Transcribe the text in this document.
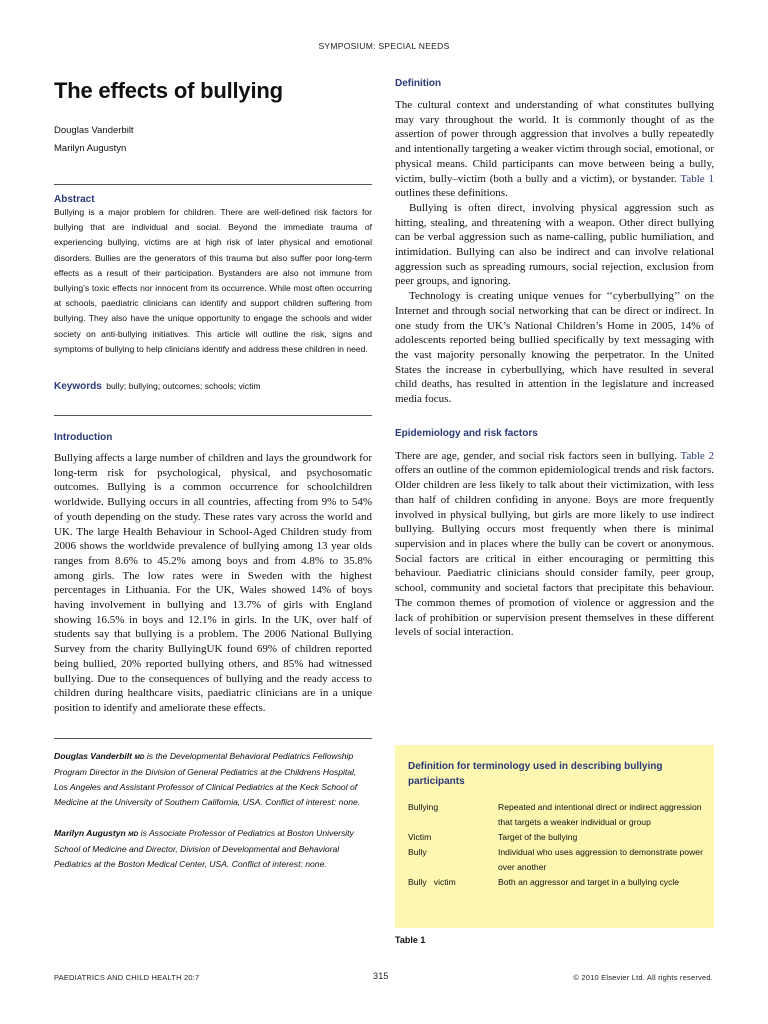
SYMPOSIUM: SPECIAL NEEDS
The effects of bullying
Douglas Vanderbilt
Marilyn Augustyn
Abstract

Bullying is a major problem for children. There are well-defined risk factors for bullying that are individual and social. Beyond the immediate trauma of experiencing bullying, victims are at high risk of later physical and emotional disorders. Bullies are the generators of this trauma but also suffer poor long-term effects as a result of their participation. Bystanders are also not immune from bullying’s toxic effects nor innocent from its occurrence. While most often occurring at schools, paediatric clinicians can identify and support children suffering from bullying. They also have the unique opportunity to engage the schools and wider society on anti-bullying initiatives. This article will outline the risk, signs and symptoms of bullying to help clinicians identify and address these children in need.

Keywords bully; bullying; outcomes; schools; victim
Introduction

Bullying affects a large number of children and lays the groundwork for long-term risk for psychological, physical, and psychosomatic outcomes. Bullying is a common occurrence for schoolchildren worldwide. Bullying occurs in all countries, affecting from 9% to 54% of youth depending on the study. These rates vary across the world and UK. The large Health Behaviour in School-Aged Children study from 2006 shows the worldwide prevalence of bullying among 13 year olds ranges from 8.6% to 45.2% among boys and from 4.8% to 35.8% among girls. The low rates were in Sweden with the highest percentages in Lithuania. For the UK, Wales showed 14% of boys having involvement in bullying and 13.7% of girls with England showing 16.5% in boys and 12.1% in girls. In the UK, over half of students say that bullying is a problem. The 2006 National Bullying Survey from the charity BullyingUK found 69% of children reported being bullied, 20% reported bullying others, and 85% had witnessed bullying. Due to the consequences of bullying and the ready access to children during healthcare visits, paediatric clinicians are in a unique position to identify and ameliorate these effects.

Douglas Vanderbilt MD is the Developmental Behavioral Pediatrics Fellowship Program Director in the Division of General Pediatrics at the Childrens Hospital, Los Angeles and Assistant Professor of Clinical Pediatrics at the Keck School of Medicine at the University of Southern California, USA. Conflict of interest: none.

Marilyn Augustyn MD is Associate Professor of Pediatrics at Boston University School of Medicine and Director, Division of Developmental and Behavioral Pediatrics at the Boston Medical Center, USA. Conflict of interest: none.

Definition

The cultural context and understanding of what constitutes bullying may vary throughout the world. It is commonly thought of as the assertion of power through aggression that involves a bully repeatedly and intentionally targeting a weaker victim through social, emotional, or physical means. Child participants can move between being a bully, victim, bully–victim (both a bully and a victim), or bystander. Table 1 outlines these definitions.

Bullying is often direct, involving physical aggression such as hitting, stealing, and threatening with a weapon. Other direct bullying can be verbal aggression such as name-calling, public humiliation, and intimidation. Bullying can also be indirect and can involve relational aggression such as spreading rumours, social rejection, exclusion from peer groups, and ignoring.

Technology is creating unique venues for ‘‘cyberbullying’’ on the Internet and through social networking that can be direct or indirect. In one study from the UK’s National Children’s Home in 2005, 14% of adolescents reported being bullied specifically by text messaging with the vast majority personally knowing the perpetrator. In the United States the increase in cyberbullying, which have resulted in several child deaths, has resulted in attention in the legislature and increased media focus.

Epidemiology and risk factors

There are age, gender, and social risk factors seen in bullying. Table 2 offers an outline of the common epidemiological trends and risk factors. Older children are less likely to talk about their victimization, with less than half of children confiding in anyone. Boys are more frequently involved in physical bullying, but girls are more likely to use indirect bullying. Bullying occurs most frequently when there is minimal supervision and in places where the bully can be covert or anonymous. Social factors are critical in either encouraging or permitting this behaviour. Paediatric clinicians should consider family, peer group, school, community and societal factors that precipitate this behaviour. The common themes of promotion of violence or aggression and the lack of prohibition or supervision present themselves in these different levels of social interaction.

Definition for terminology used in describing bullying participants
Bullying	Repeated and intentional direct or indirect aggression that targets a weaker individual or group
Victim	Target of the bullying
Bully	Individual who uses aggression to demonstrate power over another
Bully   victim	Both an aggressor and target in a bullying cycle
Table 1
PAEDIATRICS AND CHILD HEALTH 20:7	315	© 2010 Elsevier Ltd. All rights reserved.
